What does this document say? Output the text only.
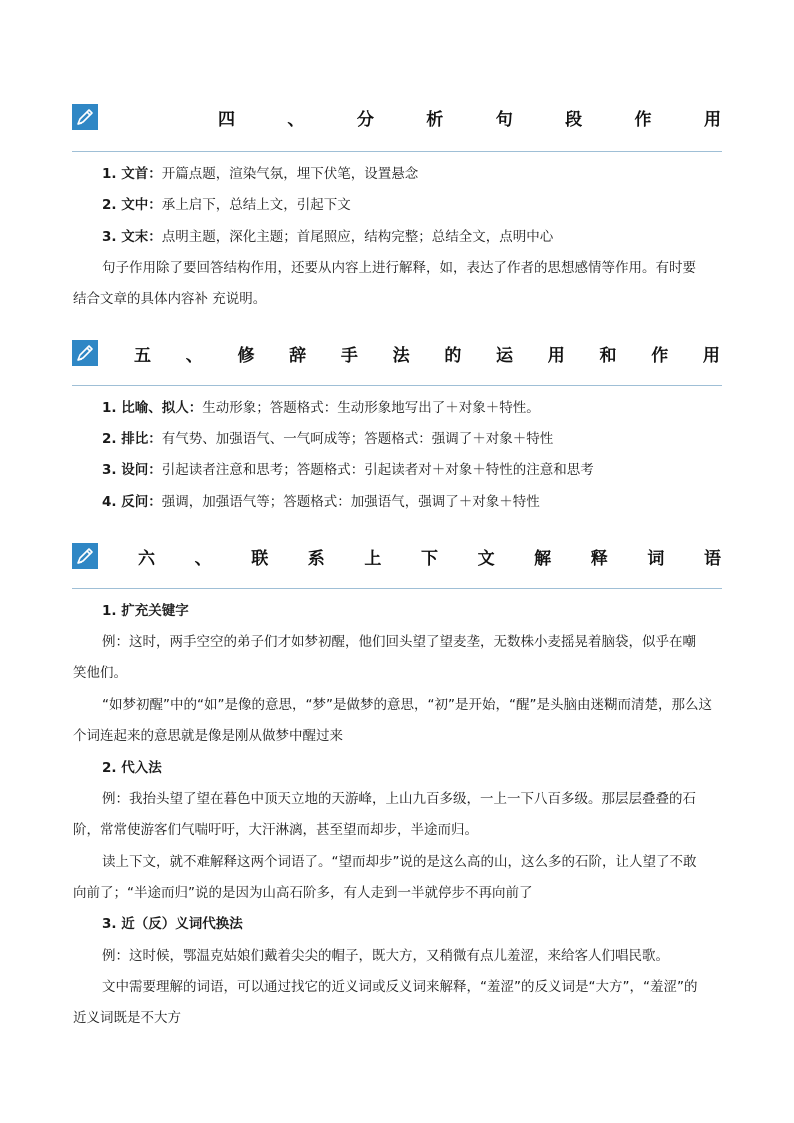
四	、	分	析	句	段	作	用
1. 文首：开篇点题，渲染气氛，埋下伏笔，设置悬念
2. 文中：承上启下，总结上文，引起下文
3. 文末：点明主题，深化主题；首尾照应，结构完整；总结全文，点明中心
句子作用除了要回答结构作用，还要从内容上进行解释，如，表达了作者的思想感情等作用。有时要
结合文章的具体内容补 充说明。
五 、 修 辞 手 法 的 运 用 和 作 用
1. 比喻、拟人：生动形象；答题格式：生动形象地写出了＋对象＋特性。
2. 排比：有气势、加强语气、一气呵成等；答题格式：强调了＋对象＋特性
3. 设问：引起读者注意和思考；答题格式：引起读者对＋对象＋特性的注意和思考
4. 反问：强调，加强语气等；答题格式：加强语气，强调了＋对象＋特性
六 、 联 系 上 下 文 解 释 词 语
1. 扩充关键字
例：这时，两手空空的弟子们才如梦初醒，他们回头望了望麦垄，无数株小麦摇晃着脑袋，似乎在嘲
笑他们。
“如梦初醒”中的“如”是像的意思，“梦”是做梦的意思，“初”是开始，“醒”是头脑由迷糊而清楚，那么这
个词连起来的意思就是像是刚从做梦中醒过来
2. 代入法
例：我抬头望了望在暮色中顶天立地的天游峰，上山九百多级，一上一下八百多级。那层层叠叠的石
阶，常常使游客们气喘吁吁，大汗淋漓，甚至望而却步，半途而归。
读上下文，就不难解释这两个词语了。“望而却步”说的是这么高的山，这么多的石阶，让人望了不敢
向前了；“半途而归”说的是因为山高石阶多，有人走到一半就停步不再向前了
3. 近（反）义词代换法
例：这时候，鄂温克姑娘们戴着尖尖的帽子，既大方，又稍微有点儿羞涩，来给客人们唱民歌。
文中需要理解的词语，可以通过找它的近义词或反义词来解释，“羞涩”的反义词是“大方”，“羞涩”的
近义词既是不大方
